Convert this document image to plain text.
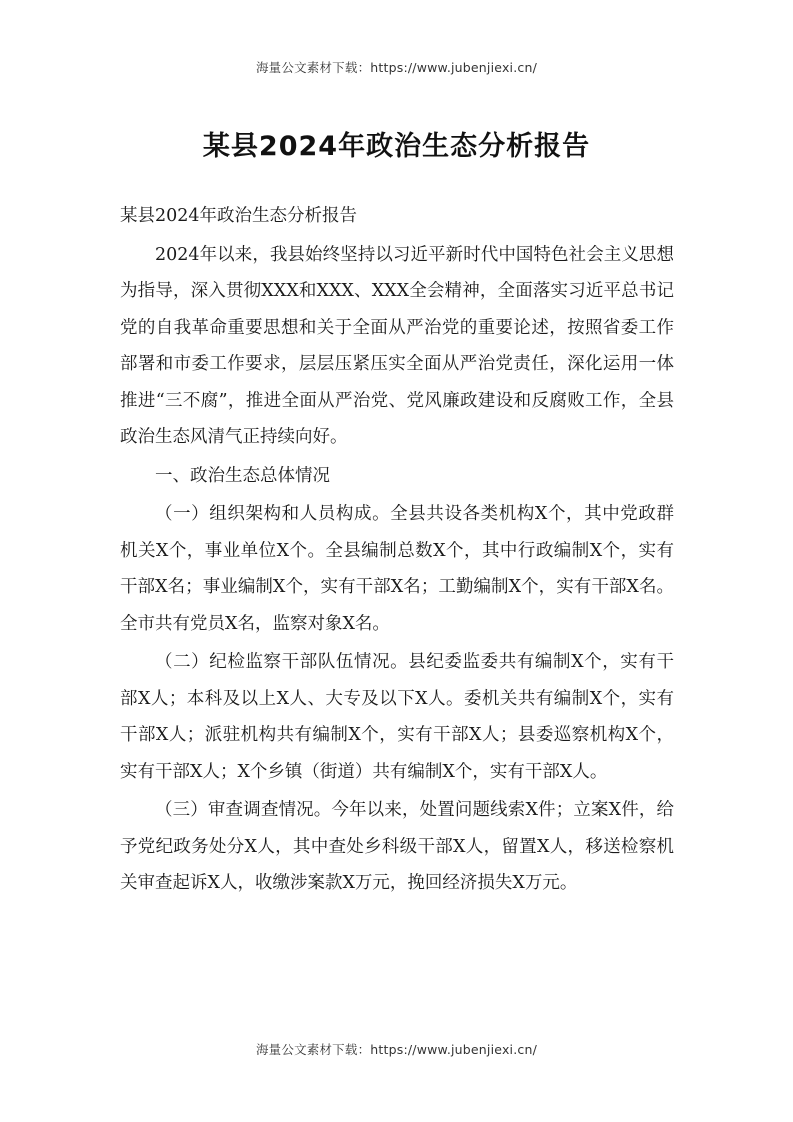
海量公文素材下载：https://www.jubenjiexi.cn/
某县2024年政治生态分析报告

某县2024年政治生态分析报告

2024年以来，我县始终坚持以习近平新时代中国特色社会主义思想为指导，深入贯彻XXX和XXX、XXX全会精神，全面落实习近平总书记党的自我革命重要思想和关于全面从严治党的重要论述，按照省委工作部署和市委工作要求，层层压紧压实全面从严治党责任，深化运用一体推进“三不腐”，推进全面从严治党、党风廉政建设和反腐败工作，全县政治生态风清气正持续向好。

一、政治生态总体情况

（一）组织架构和人员构成。全县共设各类机构X个，其中党政群机关X个，事业单位X个。全县编制总数X个，其中行政编制X个，实有干部X名；事业编制X个，实有干部X名；工勤编制X个，实有干部X名。全市共有党员X名，监察对象X名。

（二）纪检监察干部队伍情况。县纪委监委共有编制X个，实有干部X人；本科及以上X人、大专及以下X人。委机关共有编制X个，实有干部X人；派驻机构共有编制X个，实有干部X人；县委巡察机构X个，实有干部X人；X个乡镇（街道）共有编制X个，实有干部X人。

（三）审查调查情况。今年以来，处置问题线索X件；立案X件，给予党纪政务处分X人，其中查处乡科级干部X人，留置X人，移送检察机关审查起诉X人，收缴涉案款X万元，挽回经济损失X万元。

海量公文素材下载：https://www.jubenjiexi.cn/
